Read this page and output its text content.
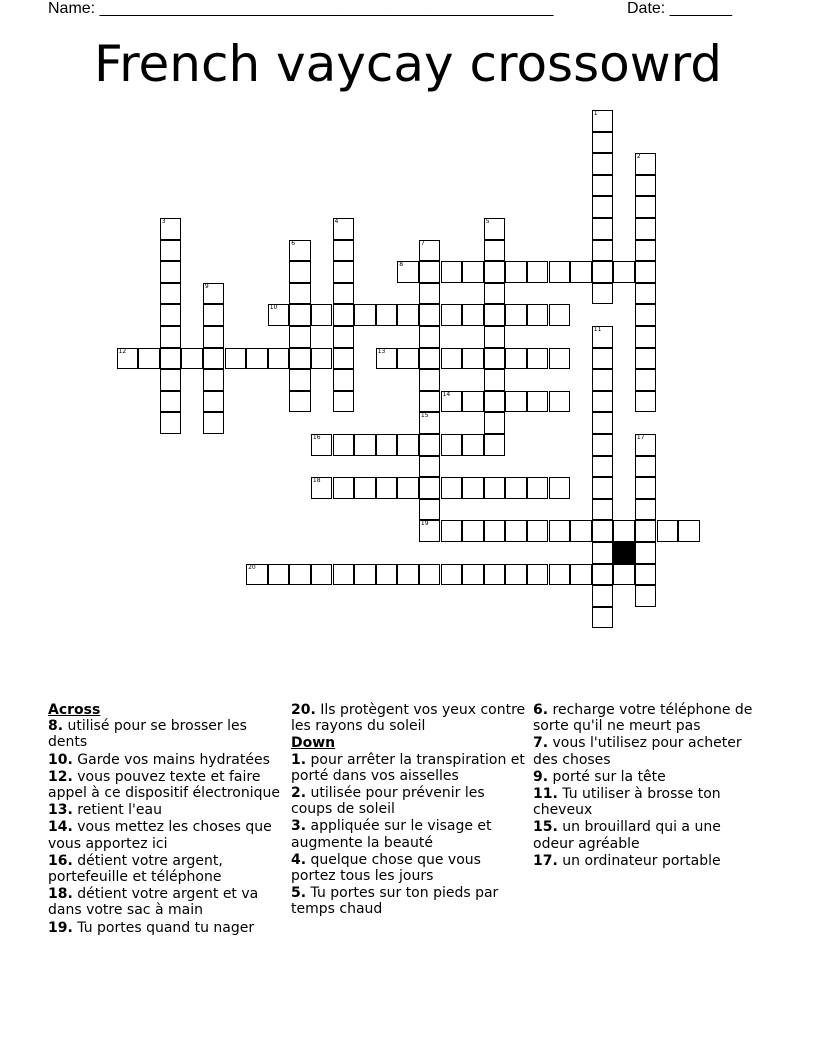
Name: ___________________________________________________	Date: _______
French vaycay crossowrd
1
2
3	4	5
6	7
15
8
9
10
11
12	13
14
19
16	17
18
20
Across
8. utilisé pour se brosser les dents
10. Garde vos mains hydratées
12. vous pouvez texte et faire appel à ce dispositif électronique
13. retient l'eau
14. vous mettez les choses que vous apportez ici
16. détient votre argent, portefeuille et téléphone
18. détient votre argent et va dans votre sac à main
19. Tu portes quand tu nager
20. Ils protègent vos yeux contre les rayons du soleil
Down
1. pour arrêter la transpiration et porté dans vos aisselles
2. utilisée pour prévenir les coups de soleil
3. appliquée sur le visage et augmente la beauté
4. quelque chose que vous portez tous les jours
5. Tu portes sur ton pieds par temps chaud
6. recharge votre téléphone de sorte qu'il ne meurt pas
7. vous l'utilisez pour acheter des choses
9. porté sur la tête
11. Tu utiliser à brosse ton cheveux
15. un brouillard qui a une odeur agréable
17. un ordinateur portable
